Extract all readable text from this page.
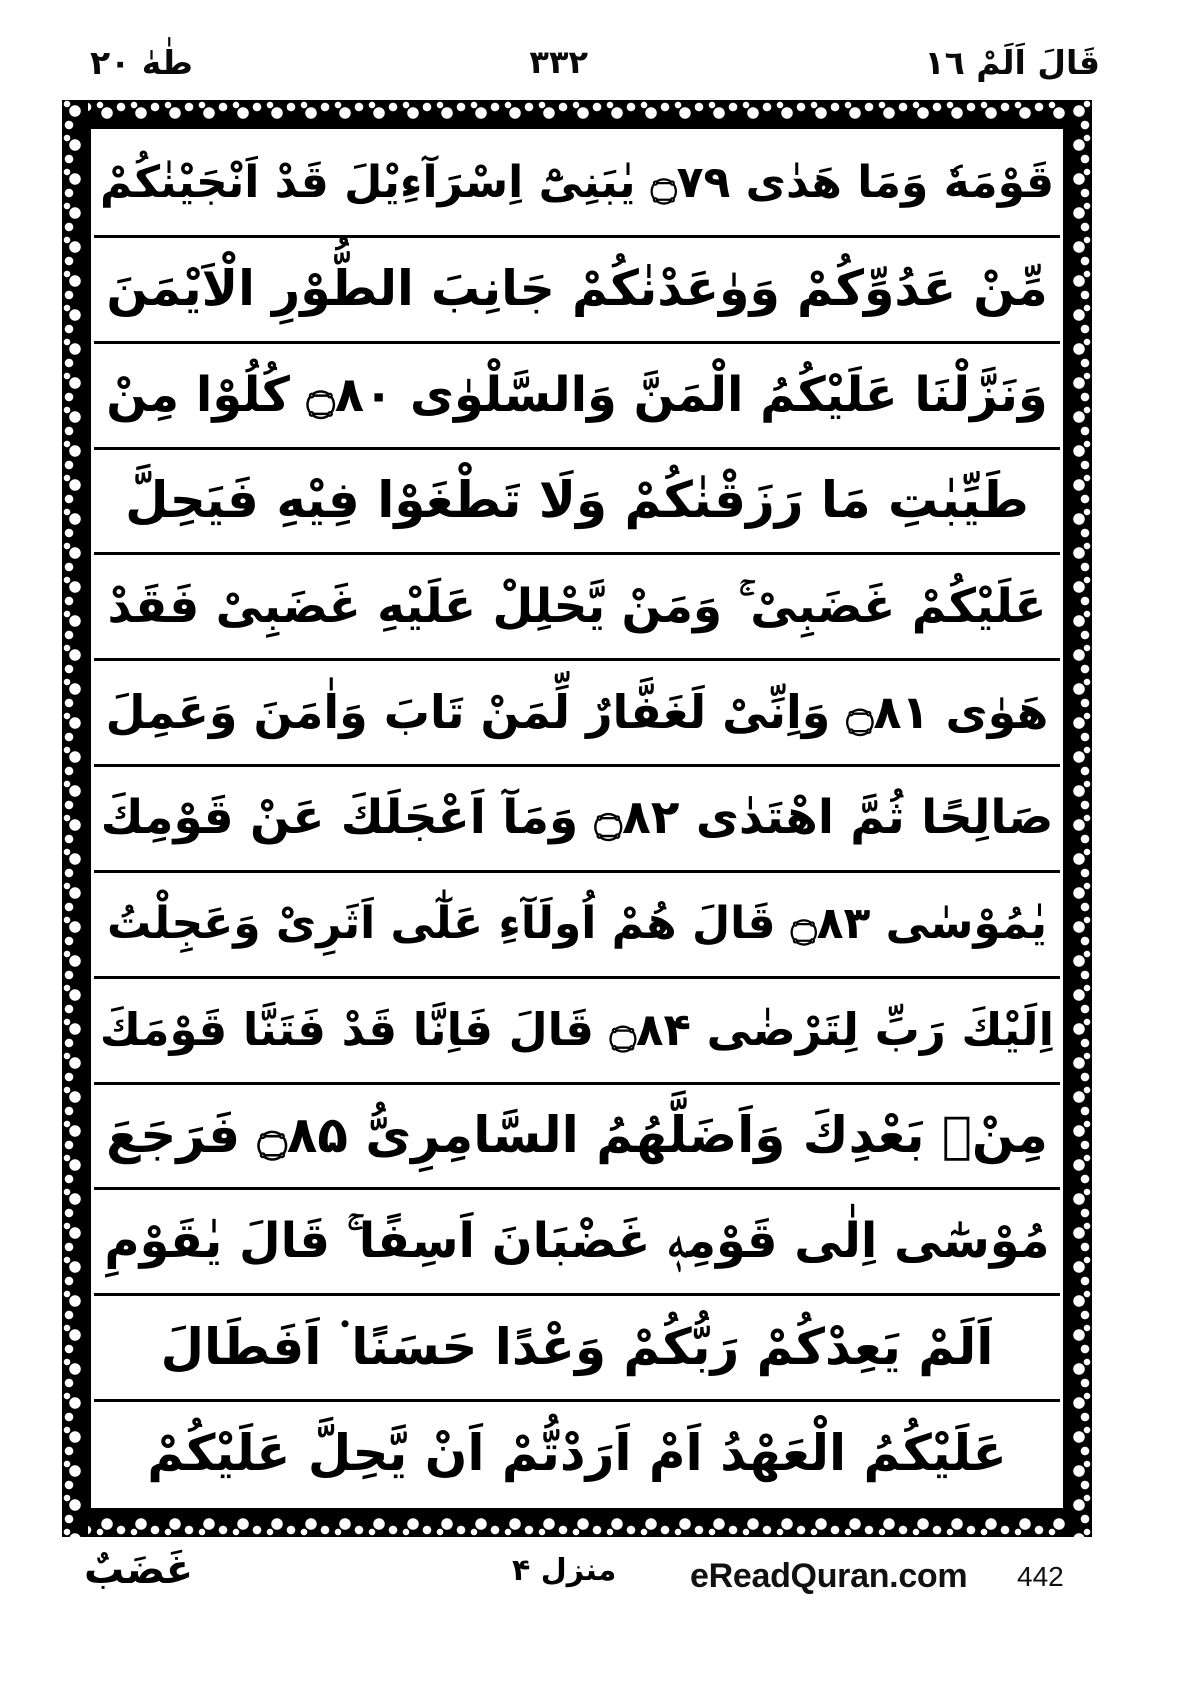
قَالَ اَلَمْ ١٦
٣٣٢
طٰهٰ ٢٠
قَوْمَهٗ وَمَا هَدٰى ۝۷۹ يٰبَنِىْٓ اِسْرَآءِيْلَ قَدْ اَنْجَيْنٰكُمْ
مِّنْ عَدُوِّكُمْ وَوٰعَدْنٰكُمْ جَانِبَ الطُّوْرِ الْاَيْمَنَ
وَنَزَّلْنَا عَلَيْكُمُ الْمَنَّ وَالسَّلْوٰى ۝۸۰ كُلُوْا مِنْ
طَيِّبٰتِ مَا رَزَقْنٰكُمْ وَلَا تَطْغَوْا فِيْهِ فَيَحِلَّ
عَلَيْكُمْ غَضَبِىْ ۚ وَمَنْ يَّحْلِلْ عَلَيْهِ غَضَبِىْ فَقَدْ
هَوٰى ۝۸۱ وَاِنِّىْ لَغَفَّارٌ لِّمَنْ تَابَ وَاٰمَنَ وَعَمِلَ
صَالِحًا ثُمَّ اهْتَدٰى ۝۸۲ وَمَآ اَعْجَلَكَ عَنْ قَوْمِكَ
يٰمُوْسٰى ۝۸۳ قَالَ هُمْ اُولَآءِ عَلٰٓى اَثَرِىْ وَعَجِلْتُ
اِلَيْكَ رَبِّ لِتَرْضٰى ۝۸۴ قَالَ فَاِنَّا قَدْ فَتَنَّا قَوْمَكَ
مِنْۢ بَعْدِكَ وَاَضَلَّهُمُ السَّامِرِىُّ ۝۸۵ فَرَجَعَ
مُوْسٰٓى اِلٰى قَوْمِهٖ غَضْبَانَ اَسِفًا ۚ قَالَ يٰقَوْمِ
اَلَمْ يَعِدْكُمْ رَبُّكُمْ وَعْدًا حَسَنًا ۬ اَفَطَالَ
عَلَيْكُمُ الْعَهْدُ اَمْ اَرَدْتُّمْ اَنْ يَّحِلَّ عَلَيْكُمْ
غَضَبٌ	منزل ۴ eReadQuran.com 442
